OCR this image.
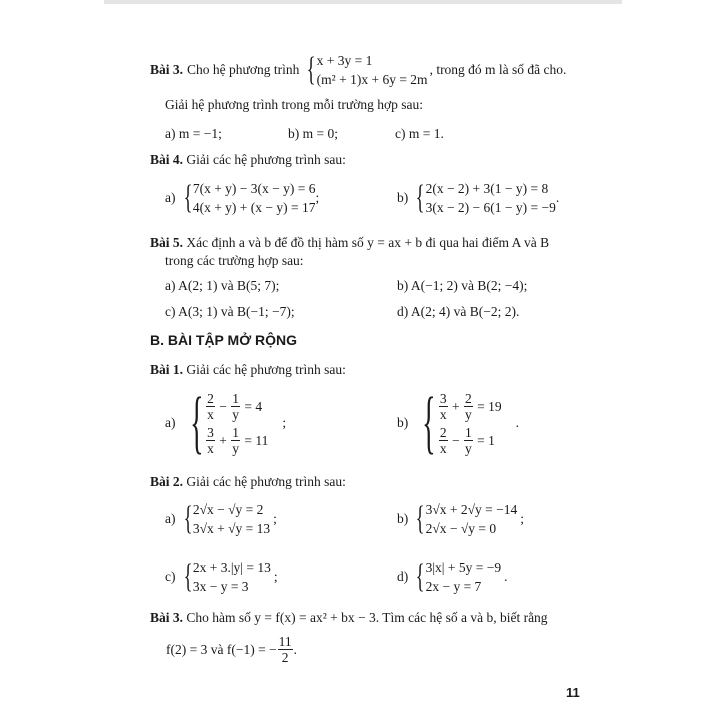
Bài 3. Cho hệ phương trình { x + 3y = 1
(m² + 1)x + 6y = 2m
, trong đó m là số đã cho.
Giải hệ phương trình trong mỗi trường hợp sau:
a) m = −1;	b) m = 0;	c) m = 1.
Bài 4. Giải các hệ phương trình sau:
a) { 7(x + y) − 3(x − y) = 6
4(x + y) + (x − y) = 17
;	b) { 2(x − 2) + 3(1 − y) = 8
3(x − 2) − 6(1 − y) = −9
.
Bài 5. Xác định a và b để đồ thị hàm số y = ax + b đi qua hai điểm A và B
trong các trường hợp sau:
a) A(2; 1) và B(5; 7);	b) A(−1; 2) và B(2; −4);
c) A(3; 1) và B(−1; −7);	d) A(2; 4) và B(−2; 2).
B. BÀI TẬP MỞ RỘNG
Bài 1. Giải các hệ phương trình sau:
a) { $\frac{2}{x}$
−
$\frac{1}{y}$
= 4
$\frac{3}{x}$
+
$\frac{1}{y}$
= 11
;	b) { $\frac{3}{x}$
+
$\frac{2}{y}$
= 19
$\frac{2}{x}$
−
$\frac{1}{y}$
= 1
.
Bài 2. Giải các hệ phương trình sau:
a) { 2√x − √y = 2
3√x + √y = 13
;	b) { 3√x + 2√y = −14
2√x − √y = 0
;
c) { 2x + 3.|y| = 13
3x − y = 3
;	d) { 3|x| + 5y = −9
2x − y = 7
.
Bài 3. Cho hàm số y = f(x) = ax² + bx − 3. Tìm các hệ số a và b, biết rằng
f(2) = 3 và f(−1) = − $\frac{11}{2}$ .
11
